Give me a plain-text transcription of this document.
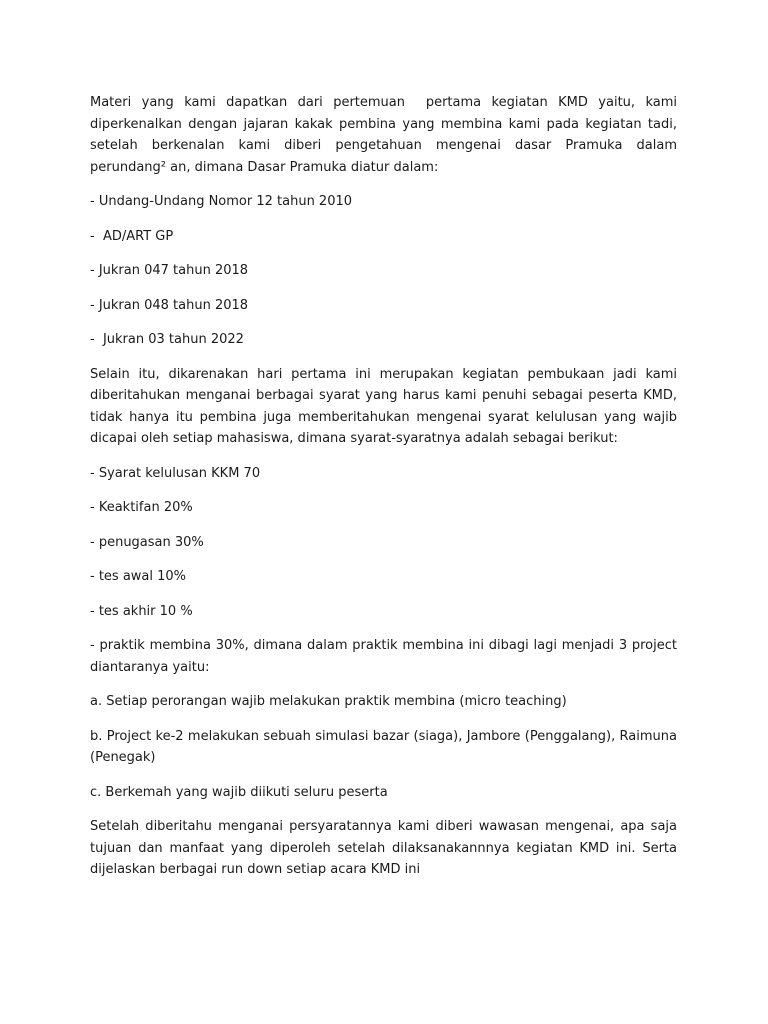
Materi yang kami dapatkan dari pertemuan  pertama kegiatan KMD yaitu, kami diperkenalkan dengan jajaran kakak pembina yang membina kami pada kegiatan tadi, setelah berkenalan kami diberi pengetahuan mengenai dasar Pramuka dalam perundang² an, dimana Dasar Pramuka diatur dalam:

- Undang-Undang Nomor 12 tahun 2010

-  AD/ART GP

- Jukran 047 tahun 2018

- Jukran 048 tahun 2018

-  Jukran 03 tahun 2022

Selain itu, dikarenakan hari pertama ini merupakan kegiatan pembukaan jadi kami diberitahukan menganai berbagai syarat yang harus kami penuhi sebagai peserta KMD, tidak hanya itu pembina juga memberitahukan mengenai syarat kelulusan yang wajib dicapai oleh setiap mahasiswa, dimana syarat-syaratnya adalah sebagai berikut:

- Syarat kelulusan KKM 70

- Keaktifan 20%

- penugasan 30%

- tes awal 10%

- tes akhir 10 %

- praktik membina 30%, dimana dalam praktik membina ini dibagi lagi menjadi 3 project diantaranya yaitu:

a. Setiap perorangan wajib melakukan praktik membina (micro teaching)

b. Project ke-2 melakukan sebuah simulasi bazar (siaga), Jambore (Penggalang), Raimuna (Penegak)

c. Berkemah yang wajib diikuti seluru peserta

Setelah diberitahu menganai persyaratannya kami diberi wawasan mengenai, apa saja tujuan dan manfaat yang diperoleh setelah dilaksanakannnya kegiatan KMD ini. Serta dijelaskan berbagai run down setiap acara KMD ini
